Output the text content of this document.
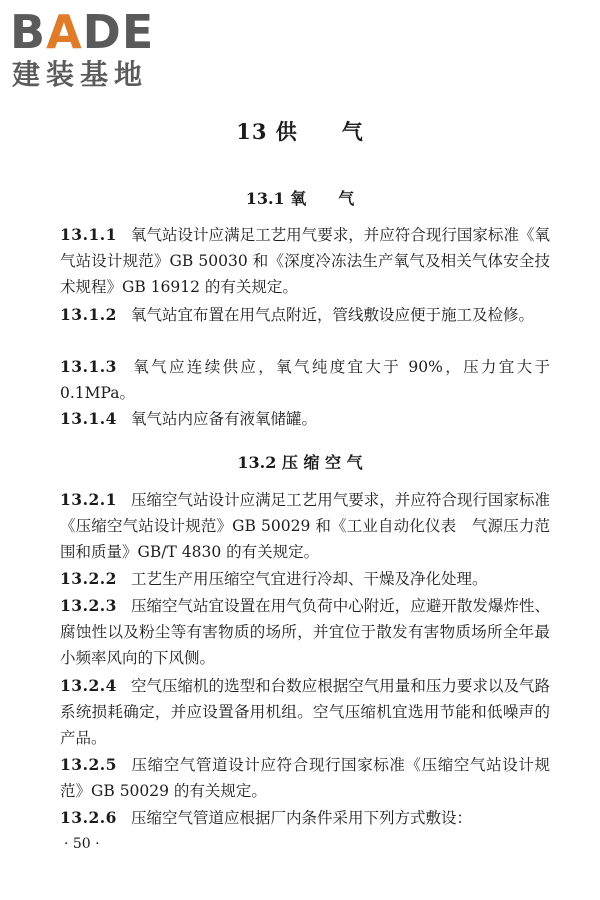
BADE
建装基地
13 供　　气
13.1 氧　　气
13.1.1 氧气站设计应满足工艺用气要求，并应符合现行国家标准《氧气站设计规范》GB 50030 和《深度冷冻法生产氧气及相关气体安全技术规程》GB 16912 的有关规定。
13.1.2 氧气站宜布置在用气点附近，管线敷设应便于施工及检修。
13.1.3 氧气应连续供应，氧气纯度宜大于 90%，压力宜大于 0.1MPa。
13.1.4 氧气站内应备有液氧储罐。
13.2 压 缩 空 气
13.2.1 压缩空气站设计应满足工艺用气要求，并应符合现行国家标准《压缩空气站设计规范》GB 50029 和《工业自动化仪表　气源压力范围和质量》GB/T 4830 的有关规定。
13.2.2 工艺生产用压缩空气宜进行冷却、干燥及净化处理。
13.2.3 压缩空气站宜设置在用气负荷中心附近，应避开散发爆炸性、腐蚀性以及粉尘等有害物质的场所，并宜位于散发有害物质场所全年最小频率风向的下风侧。
13.2.4 空气压缩机的选型和台数应根据空气用量和压力要求以及气路系统损耗确定，并应设置备用机组。空气压缩机宜选用节能和低噪声的产品。
13.2.5 压缩空气管道设计应符合现行国家标准《压缩空气站设计规范》GB 50029 的有关规定。
13.2.6 压缩空气管道应根据厂内条件采用下列方式敷设：
· 50 ·
